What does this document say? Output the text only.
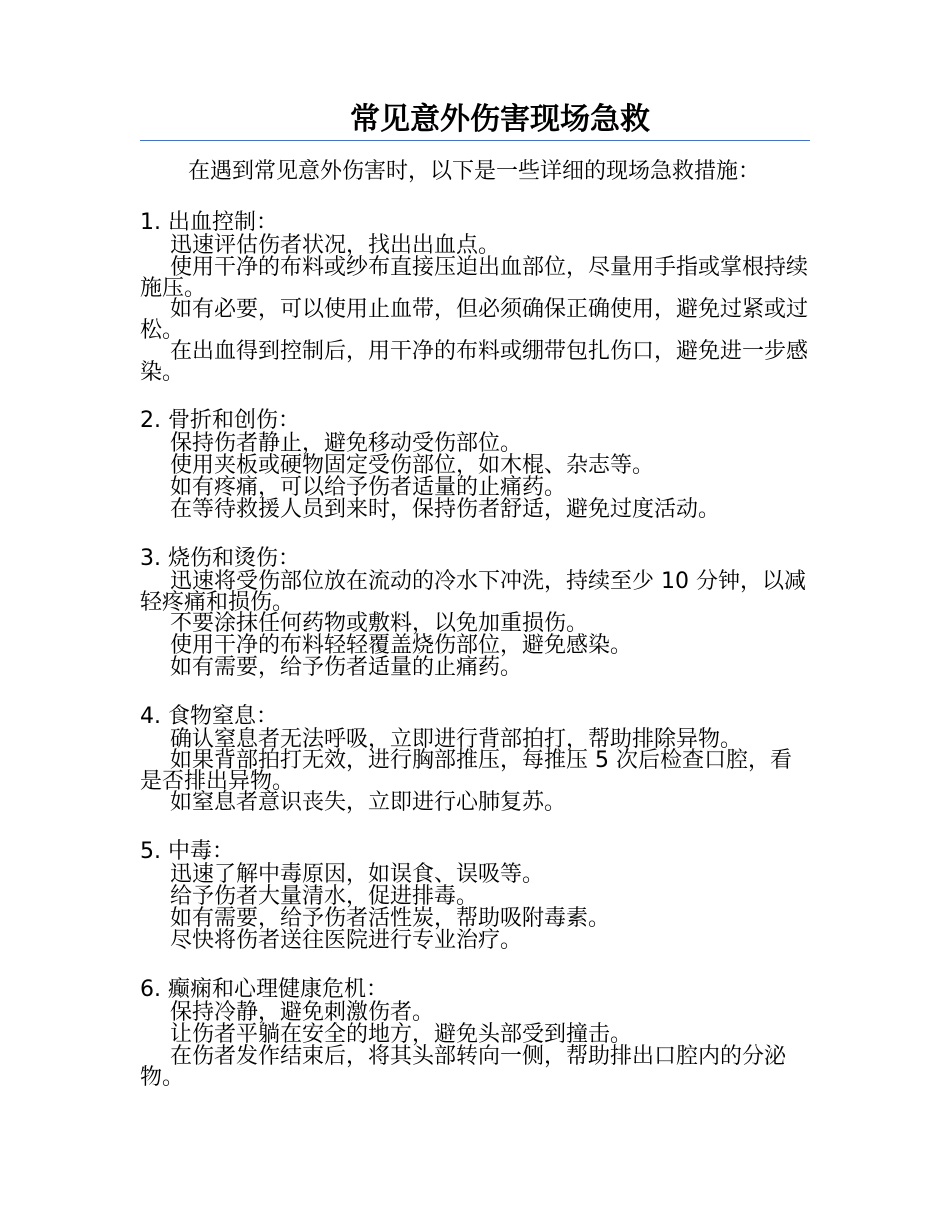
常见意外伤害现场急救
在遇到常见意外伤害时，以下是一些详细的现场急救措施：
1. 出血控制：
迅速评估伤者状况，找出出血点。
使用干净的布料或纱布直接压迫出血部位，尽量用手指或掌根持续施压。
如有必要，可以使用止血带，但必须确保正确使用，避免过紧或过松。
在出血得到控制后，用干净的布料或绷带包扎伤口，避免进一步感染。
2. 骨折和创伤：
保持伤者静止，避免移动受伤部位。
使用夹板或硬物固定受伤部位，如木棍、杂志等。
如有疼痛，可以给予伤者适量的止痛药。
在等待救援人员到来时，保持伤者舒适，避免过度活动。
3. 烧伤和烫伤：
迅速将受伤部位放在流动的冷水下冲洗，持续至少 10 分钟，以减轻疼痛和损伤。
不要涂抹任何药物或敷料，以免加重损伤。
使用干净的布料轻轻覆盖烧伤部位，避免感染。
如有需要，给予伤者适量的止痛药。
4. 食物窒息：
确认窒息者无法呼吸，立即进行背部拍打，帮助排除异物。
如果背部拍打无效，进行胸部推压，每推压 5 次后检查口腔，看是否排出异物。
如窒息者意识丧失，立即进行心肺复苏。
5. 中毒：
迅速了解中毒原因，如误食、误吸等。
给予伤者大量清水，促进排毒。
如有需要，给予伤者活性炭，帮助吸附毒素。
尽快将伤者送往医院进行专业治疗。
6. 癫痫和心理健康危机：
保持冷静，避免刺激伤者。
让伤者平躺在安全的地方，避免头部受到撞击。
在伤者发作结束后，将其头部转向一侧，帮助排出口腔内的分泌物。
